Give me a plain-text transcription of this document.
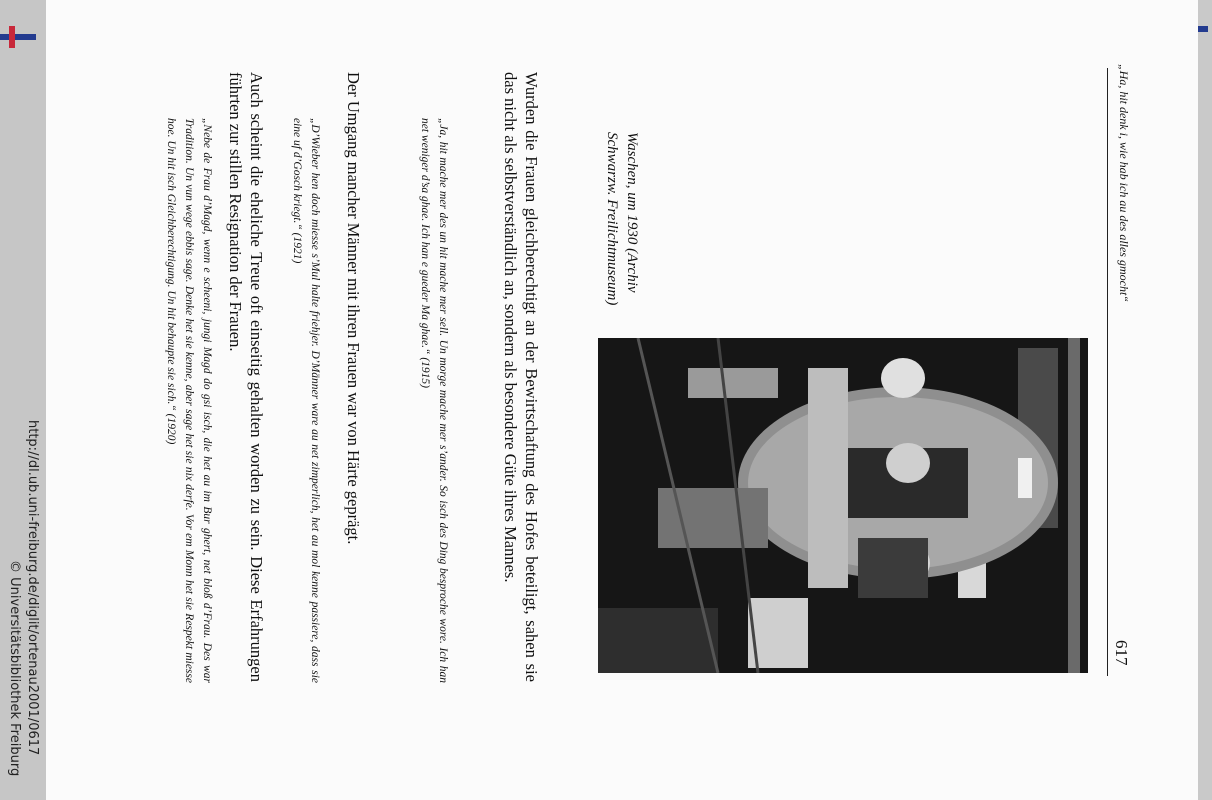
http://dl.ub.uni-freiburg.de/diglit/ortenau2001/0617
© Universitätsbibliothek Freiburg
„Ha, hit denk i, wie hab ich au des alles gmocht“
617
Waschen, um 1930 (Archiv Schwarzw. Freilichtmuseum)
Wurden die Frauen gleichberechtigt an der Bewirtschaftung des Hofes beteiligt, sahen sie das nicht als selbstverständlich an, sondern als besondere Güte ihres Mannes.
„Ja, hit mache mer des un hit mache mer sell. Un morge mache mer s’ander. So isch des Ding besproche wore. Ich han net weniger d’sa ghae. Ich han e gueder Ma ghae.“ (1915)
Der Umgang mancher Männer mit ihren Frauen war von Härte geprägt.
„D’Wieber hen doch miesse s’Mul halte friehjer. D’Männer ware au net zimperlich, het au mol kenne passiere, dass sie eine uf d’Gosch kriegt.“ (1921)
Auch scheint die eheliche Treue oft einseitig gehalten worden zu sein. Diese Erfahrungen führten zur stillen Resignation der Frauen.
„Nebe de Frau d’Magd, wenn e scheeni, jungi Magd do gsi isch, die het au im Bur ghert, net bloß d’Frau. Des war Tradition. Un vun wege ebbis sage. Denke het sie kenne, aber sage het sie nix derfe. Vor em Monn het sie Respekt miesse hoe. Un hit isch Gleichberechtigung. Un hit behaupte sie sich.“ (1920)
